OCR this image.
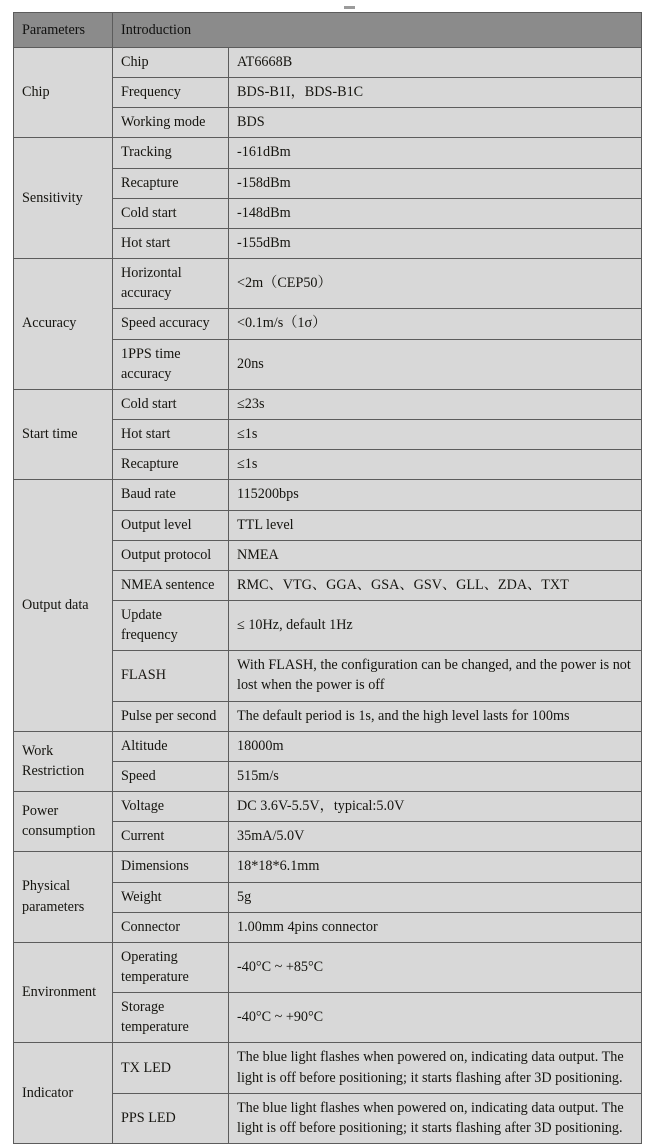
Parameters	Introduction	
Chip	Chip	AT6668B
	Frequency	BDS-B1I，BDS-B1C
	Working mode	BDS
Sensitivity	Tracking	-161dBm
	Recapture	-158dBm
	Cold start	-148dBm
	Hot start	-155dBm
Accuracy	Horizontal accuracy	<2m（CEP50）
	Speed accuracy	<0.1m/s（1σ）
	1PPS time accuracy	20ns
Start time	Cold start	≤23s
	Hot start	≤1s
	Recapture	≤1s
Output data	Baud rate	115200bps
	Output level	TTL level
	Output protocol	NMEA
	NMEA sentence	RMC、VTG、GGA、GSA、GSV、GLL、ZDA、TXT
	Update frequency	≤ 10Hz, default 1Hz
	FLASH	With FLASH, the configuration can be changed, and the power is not lost when the power is off
	Pulse per second	The default period is 1s, and the high level lasts for 100ms
Work Restriction	Altitude	18000m
	Speed	515m/s
Power consumption	Voltage	DC 3.6V-5.5V，typical:5.0V
	Current	35mA/5.0V
Physical parameters	Dimensions	18*18*6.1mm
	Weight	5g
	Connector	1.00mm 4pins connector
Environment	Operating temperature	-40°C ~ +85°C
	Storage temperature	-40°C ~ +90°C
Indicator	TX LED	The blue light flashes when powered on, indicating data output. The light is off before positioning; it starts flashing after 3D positioning.
	PPS LED	The blue light flashes when powered on, indicating data output. The light is off before positioning; it starts flashing after 3D positioning.
